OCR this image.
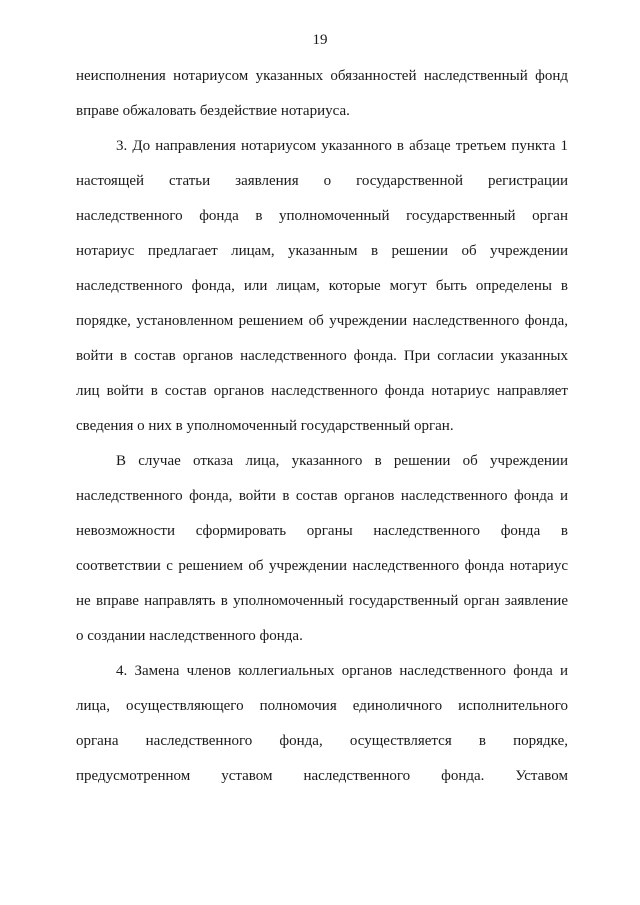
19
неисполнения нотариусом указанных обязанностей наследственный фонд
вправе обжаловать бездействие нотариуса.
3. До направления нотариусом указанного в абзаце третьем пункта 1
настоящей статьи заявления о государственной регистрации
наследственного фонда в уполномоченный государственный орган
нотариус предлагает лицам, указанным в решении об учреждении
наследственного фонда, или лицам, которые могут быть определены в
порядке, установленном решением об учреждении наследственного фонда,
войти в состав органов наследственного фонда. При согласии указанных
лиц войти в состав органов наследственного фонда нотариус направляет
сведения о них в уполномоченный государственный орган.
В случае отказа лица, указанного в решении об учреждении
наследственного фонда, войти в состав органов наследственного фонда и
невозможности сформировать органы наследственного фонда в
соответствии с решением об учреждении наследственного фонда нотариус
не вправе направлять в уполномоченный государственный орган заявление
о создании наследственного фонда.
4. Замена членов коллегиальных органов наследственного фонда и
лица, осуществляющего полномочия единоличного исполнительного
органа наследственного фонда, осуществляется в порядке,
предусмотренном уставом наследственного фонда. Уставом
